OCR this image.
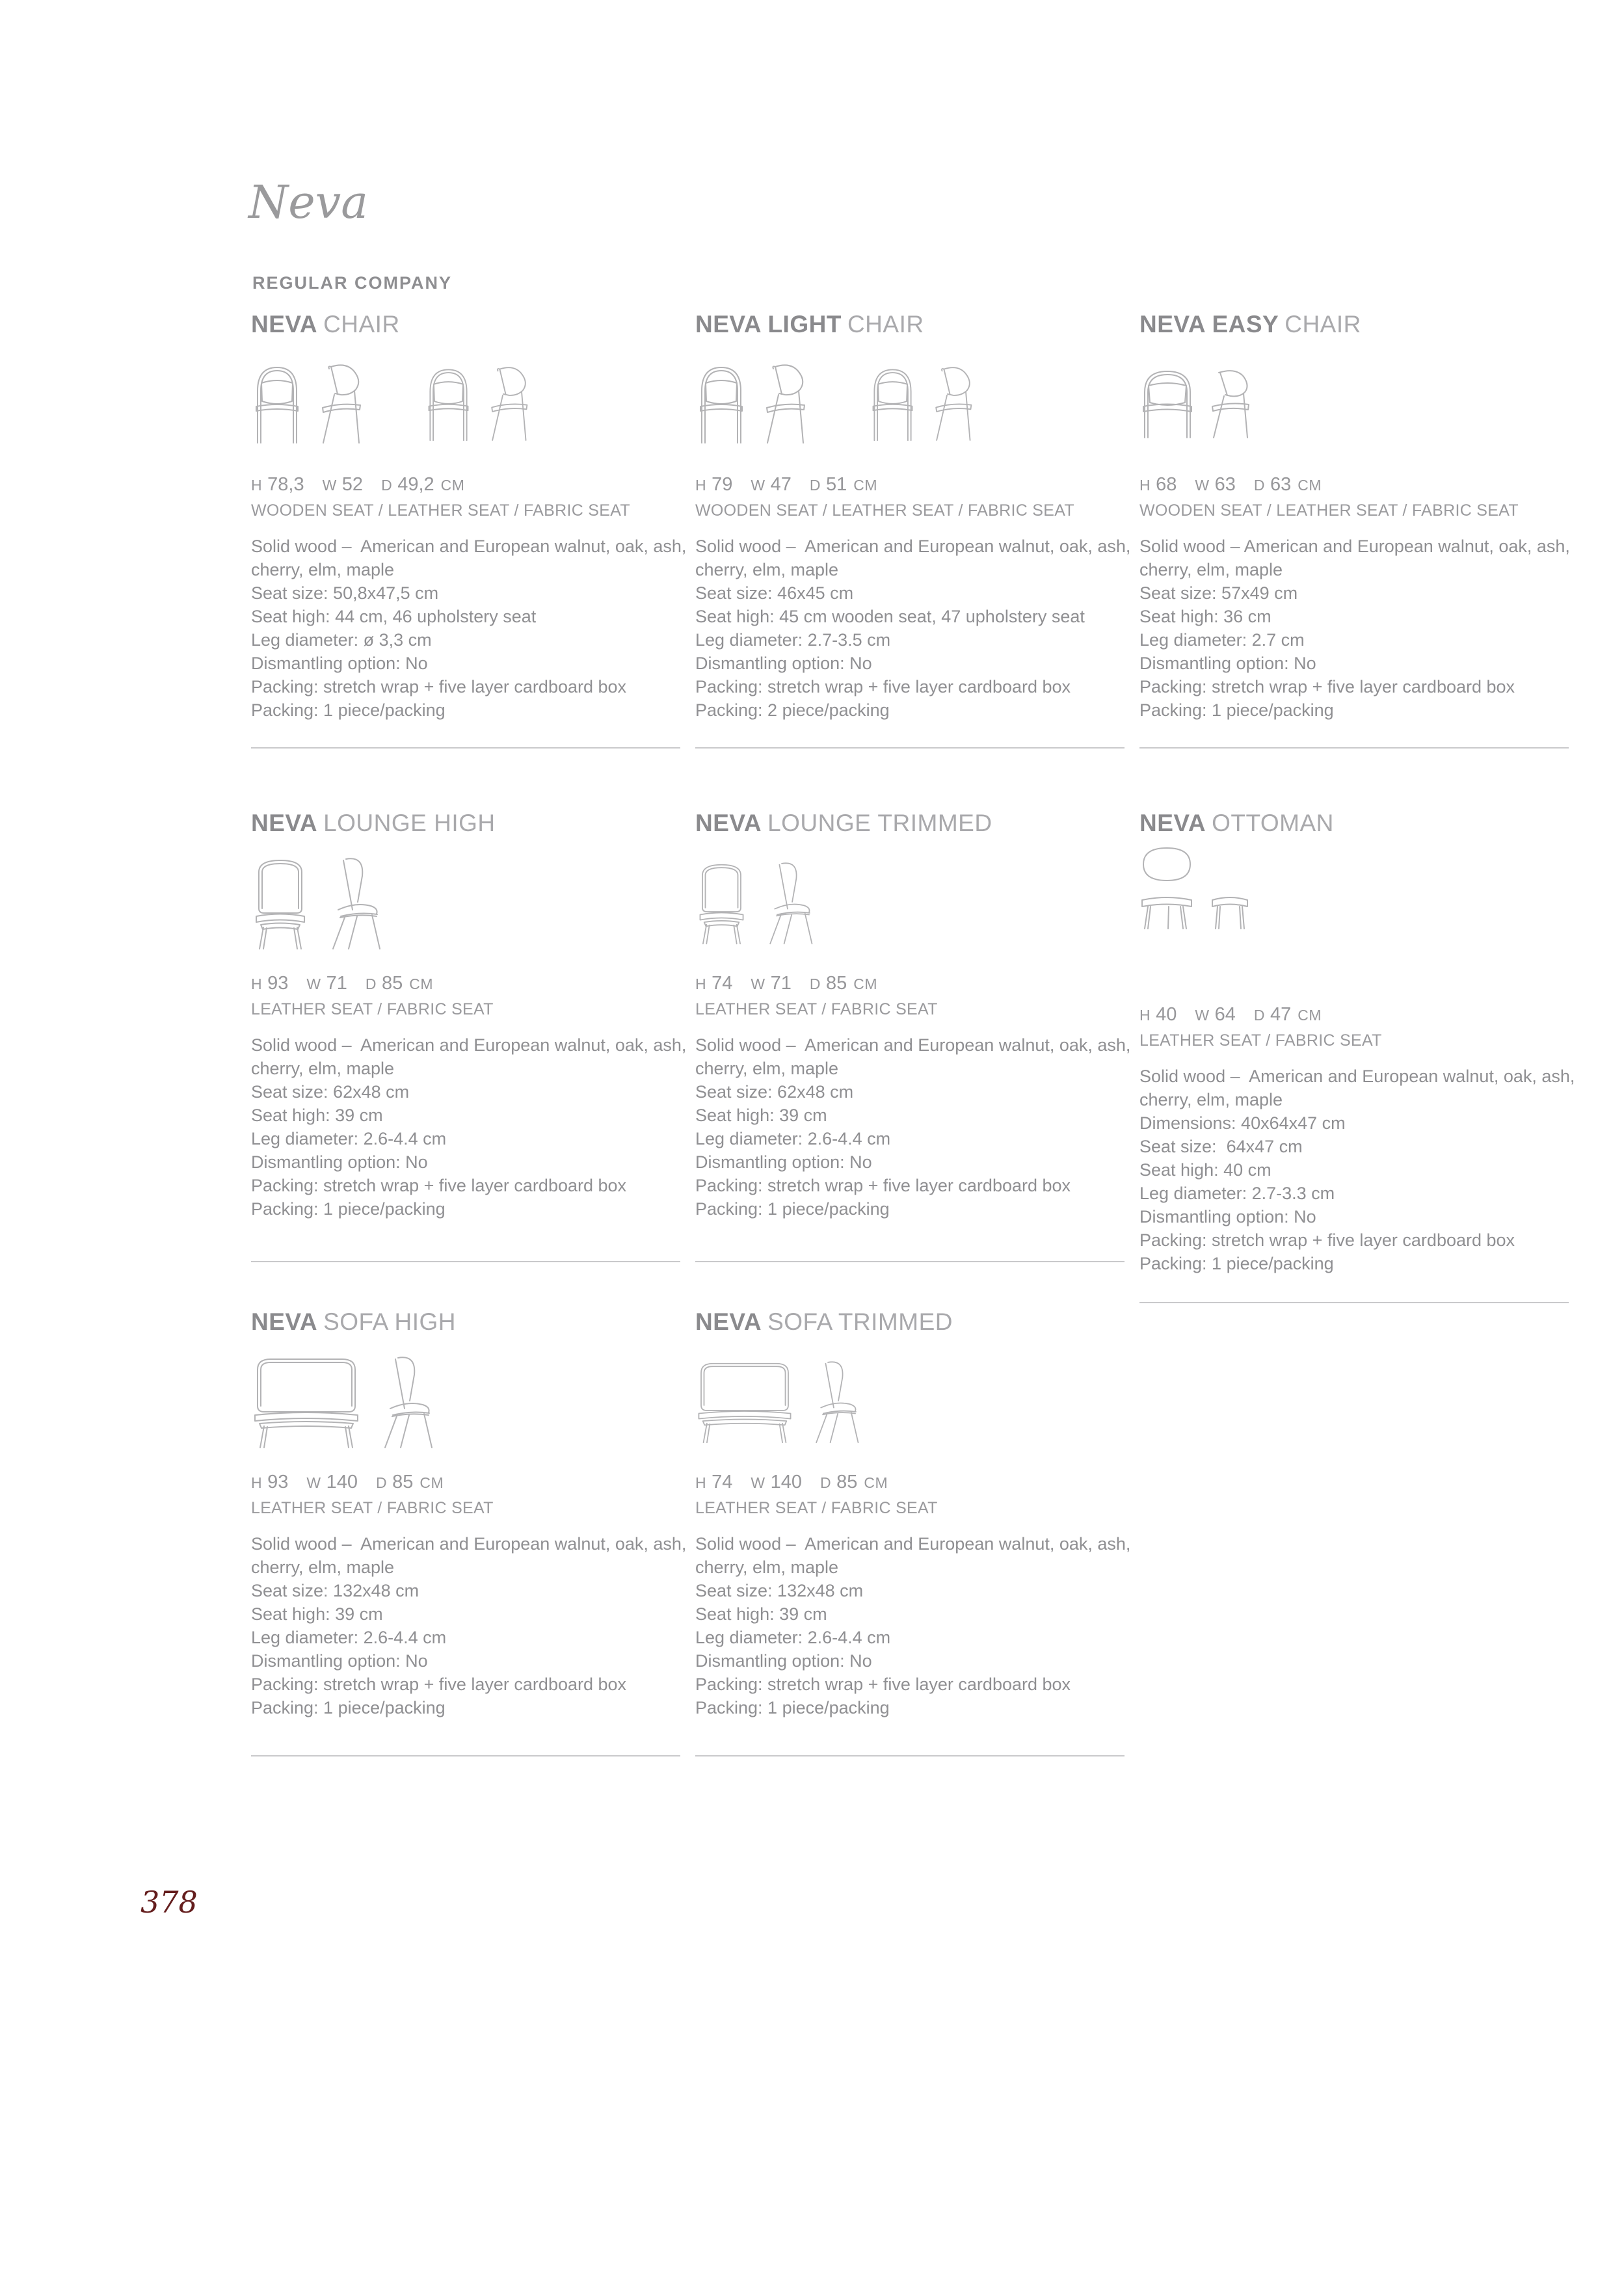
Neva
REGULAR COMPANY
NEVA CHAIR
H 78,3 W 52 D 49,2 CM
WOODEN SEAT / LEATHER SEAT / FABRIC SEAT

Solid wood –  American and European walnut, oak, ash,

cherry, elm, maple

Seat size: 50,8x47,5 cm

Seat high: 44 cm, 46 upholstery seat

Leg diameter: ø 3,3 cm

Dismantling option: No

Packing: stretch wrap + five layer cardboard box

Packing: 1 piece/packing

NEVA LIGHT CHAIR
H 79 W 47 D 51 CM
WOODEN SEAT / LEATHER SEAT / FABRIC SEAT

Solid wood –  American and European walnut, oak, ash,

cherry, elm, maple

Seat size: 46x45 cm

Seat high: 45 cm wooden seat, 47 upholstery seat

Leg diameter: 2.7-3.5 cm

Dismantling option: No

Packing: stretch wrap + five layer cardboard box

Packing: 2 piece/packing

NEVA EASY CHAIR
H 68 W 63 D 63 CM
WOODEN SEAT / LEATHER SEAT / FABRIC SEAT

Solid wood – American and European walnut, oak, ash,

cherry, elm, maple

Seat size: 57x49 cm

Seat high: 36 cm

Leg diameter: 2.7 cm

Dismantling option: No

Packing: stretch wrap + five layer cardboard box

Packing: 1 piece/packing

NEVA LOUNGE HIGH
H 93 W 71 D 85 CM
LEATHER SEAT / FABRIC SEAT

Solid wood –  American and European walnut, oak, ash,

cherry, elm, maple

Seat size: 62x48 cm

Seat high: 39 cm

Leg diameter: 2.6-4.4 cm

Dismantling option: No

Packing: stretch wrap + five layer cardboard box

Packing: 1 piece/packing

NEVA LOUNGE TRIMMED
H 74 W 71 D 85 CM
LEATHER SEAT / FABRIC SEAT

Solid wood –  American and European walnut, oak, ash,

cherry, elm, maple

Seat size: 62x48 cm

Seat high: 39 cm

Leg diameter: 2.6-4.4 cm

Dismantling option: No

Packing: stretch wrap + five layer cardboard box

Packing: 1 piece/packing

NEVA OTTOMAN
H 40 W 64 D 47 CM
LEATHER SEAT / FABRIC SEAT

Solid wood –  American and European walnut, oak, ash,

cherry, elm, maple

Dimensions: 40x64x47 cm

Seat size:  64x47 cm

Seat high: 40 cm

Leg diameter: 2.7-3.3 cm

Dismantling option: No

Packing: stretch wrap + five layer cardboard box

Packing: 1 piece/packing

NEVA SOFA HIGH
H 93 W 140 D 85 CM
LEATHER SEAT / FABRIC SEAT

Solid wood –  American and European walnut, oak, ash,

cherry, elm, maple

Seat size: 132x48 cm

Seat high: 39 cm

Leg diameter: 2.6-4.4 cm

Dismantling option: No

Packing: stretch wrap + five layer cardboard box

Packing: 1 piece/packing

NEVA SOFA TRIMMED
H 74 W 140 D 85 CM
LEATHER SEAT / FABRIC SEAT

Solid wood –  American and European walnut, oak, ash,

cherry, elm, maple

Seat size: 132x48 cm

Seat high: 39 cm

Leg diameter: 2.6-4.4 cm

Dismantling option: No

Packing: stretch wrap + five layer cardboard box

Packing: 1 piece/packing

378
